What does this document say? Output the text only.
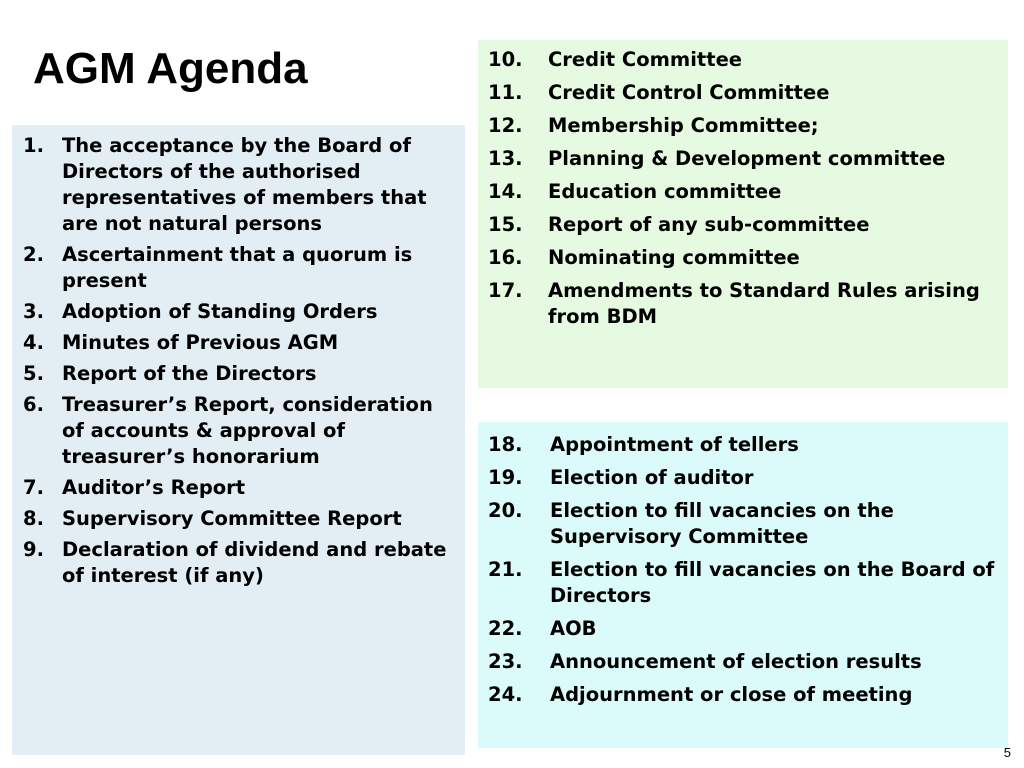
AGM Agenda
1. The acceptance by the Board of Directors of the authorised representatives of members that are not natural persons
2. Ascertainment that a quorum is present
3. Adoption of Standing Orders
4. Minutes of Previous AGM
5. Report of the Directors
6. Treasurer’s Report, consideration of accounts & approval of treasurer’s honorarium
7. Auditor’s Report
8. Supervisory Committee Report
9. Declaration of dividend and rebate of interest (if any)
10.	Credit Committee
11.	Credit Control Committee
12.	Membership Committee;
13.	Planning & Development committee
14.	Education committee
15.	Report of any sub-committee
16.	Nominating committee
17.	Amendments to Standard Rules arising from BDM
18.	Appointment of tellers
19.	Election of auditor
20.	Election to fill vacancies on the Supervisory Committee
21.	Election to fill vacancies on the Board of Directors
22.	AOB
23.	Announcement of election results
24.	Adjournment or close of meeting
5
